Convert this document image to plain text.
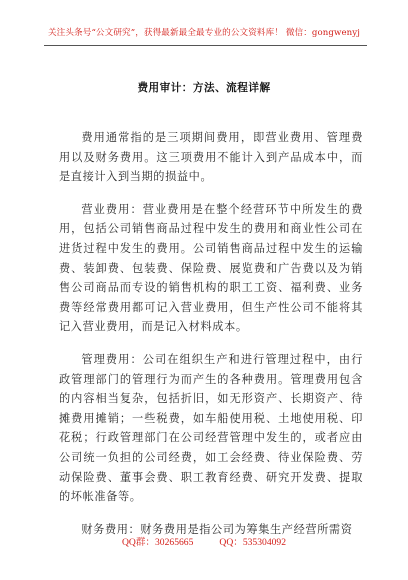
关注头条号“公文研究”，获得最新最全最专业的公文资料库！ 微信：gongwenyj
费用审计：方法、流程详解

费用通常指的是三项期间费用，即营业费用、管理费用以及财务费用。这三项费用不能计入到产品成本中，而是直接计入到当期的损益中。

营业费用：营业费用是在整个经营环节中所发生的费用，包括公司销售商品过程中发生的费用和商业性公司在进货过程中发生的费用。公司销售商品过程中发生的运输费、装卸费、包装费、保险费、展览费和广告费以及为销售公司商品而专设的销售机构的职工工资、福利费、业务费等经常费用都可记入营业费用，但生产性公司不能将其记入营业费用，而是记入材料成本。

管理费用：公司在组织生产和进行管理过程中，由行政管理部门的管理行为而产生的各种费用。管理费用包含的内容相当复杂，包括折旧，如无形资产、长期资产、待摊费用摊销；一些税费，如车船使用税、土地使用税、印花税；行政管理部门在公司经营管理中发生的，或者应由公司统一负担的公司经费，如工会经费、待业保险费、劳动保险费、董事会费、职工教育经费、研究开发费、提取的坏帐准备等。

财务费用：财务费用是指公司为筹集生产经营所需资

QQ群：30265665	QQ：535304092
